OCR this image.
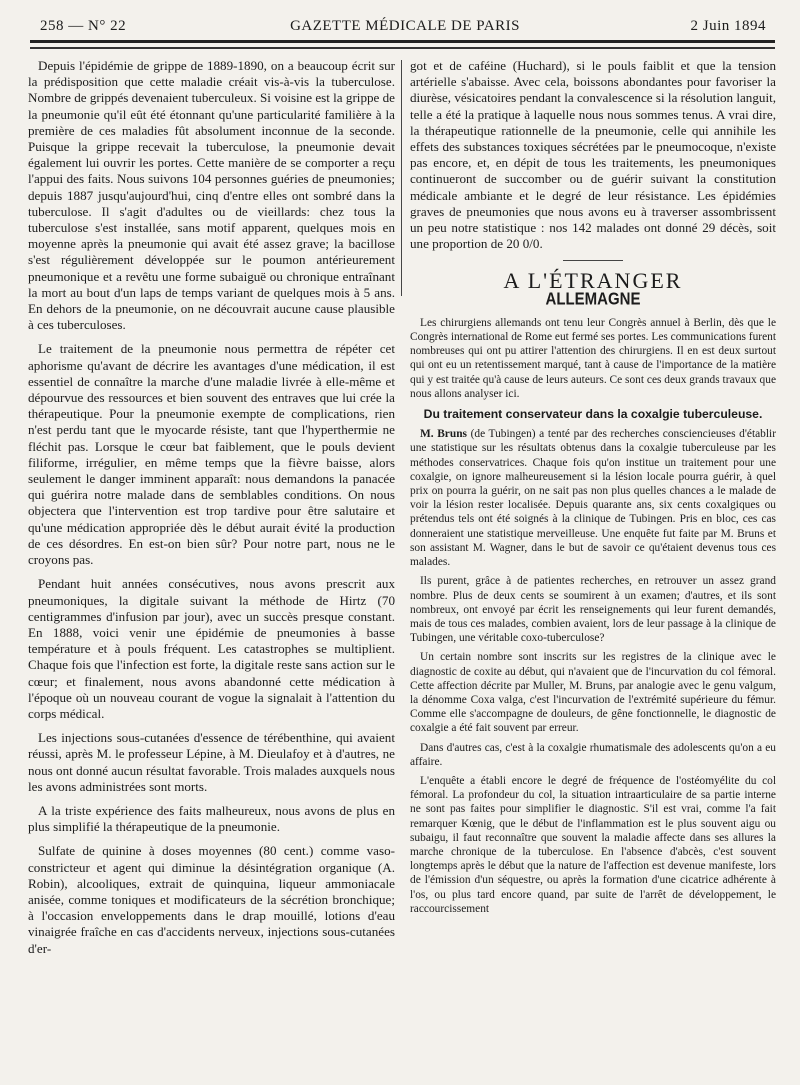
258 — N° 22	GAZETTE MÉDICALE DE PARIS	2 Juin 1894

Depuis l'épidémie de grippe de 1889-1890, on a beaucoup écrit sur la prédisposition que cette maladie créait vis-à-vis la tuberculose. Nombre de grippés devenaient tuberculeux. Si voisine est la grippe de la pneumonie qu'il eût été étonnant qu'une particularité familière à la première de ces maladies fût absolument inconnue de la seconde. Puisque la grippe recevait la tuberculose, la pneumonie devait également lui ouvrir les portes. Cette manière de se comporter a reçu l'appui des faits. Nous suivons 104 personnes guéries de pneumonies; depuis 1887 jusqu'aujourd'hui, cinq d'entre elles ont sombré dans la tuberculose. Il s'agit d'adultes ou de vieillards: chez tous la tuberculose s'est installée, sans motif apparent, quelques mois en moyenne après la pneumonie qui avait été assez grave; la bacillose s'est régulièrement développée sur le poumon antérieurement pneumonique et a revêtu une forme subaiguë ou chronique entraînant la mort au bout d'un laps de temps variant de quelques mois à 5 ans. En dehors de la pneumonie, on ne découvrait aucune cause plausible à ces tuberculoses.

Le traitement de la pneumonie nous permettra de répéter cet aphorisme qu'avant de décrire les avantages d'une médication, il est essentiel de connaître la marche d'une maladie livrée à elle-même et dépourvue des ressources et bien souvent des entraves que lui crée la thérapeutique. Pour la pneumonie exempte de complications, rien n'est perdu tant que le myocarde résiste, tant que l'hyperthermie ne fléchit pas. Lorsque le cœur bat faiblement, que le pouls devient filiforme, irrégulier, en même temps que la fièvre baisse, alors seulement le danger imminent apparaît: nous demandons la panacée qui guérira notre malade dans de semblables conditions. On nous objectera que l'intervention est trop tardive pour être salutaire et qu'une médication appropriée dès le début aurait évité la production de ces désordres. En est-on bien sûr? Pour notre part, nous ne le croyons pas.

Pendant huit années consécutives, nous avons prescrit aux pneumoniques, la digitale suivant la méthode de Hirtz (70 centigrammes d'infusion par jour), avec un succès presque constant. En 1888, voici venir une épidémie de pneumonies à basse température et à pouls fréquent. Les catastrophes se multiplient. Chaque fois que l'infection est forte, la digitale reste sans action sur le cœur; et finalement, nous avons abandonné cette médication à l'époque où un nouveau courant de vogue la signalait à l'attention du corps médical.

Les injections sous-cutanées d'essence de térébenthine, qui avaient réussi, après M. le professeur Lépine, à M. Dieulafoy et à d'autres, ne nous ont donné aucun résultat favorable. Trois malades auxquels nous les avons administrées sont morts.

A la triste expérience des faits malheureux, nous avons de plus en plus simplifié la thérapeutique de la pneumonie.

Sulfate de quinine à doses moyennes (80 cent.) comme vaso-constricteur et agent qui diminue la désintégration organique (A. Robin), alcooliques, extrait de quinquina, liqueur ammoniacale anisée, comme toniques et modificateurs de la sécrétion bronchique; à l'occasion enveloppements dans le drap mouillé, lotions d'eau vinaigrée fraîche en cas d'accidents nerveux, injections sous-cutanées d'er-

got et de caféine (Huchard), si le pouls faiblit et que la tension artérielle s'abaisse. Avec cela, boissons abondantes pour favoriser la diurèse, vésicatoires pendant la convalescence si la résolution languit, telle a été la pratique à laquelle nous nous sommes tenus. A vrai dire, la thérapeutique rationnelle de la pneumonie, celle qui annihile les effets des substances toxiques sécrétées par le pneumocoque, n'existe pas encore, et, en dépit de tous les traitements, les pneumoniques continueront de succomber ou de guérir suivant la constitution médicale ambiante et le degré de leur résistance. Les épidémies graves de pneumonies que nous avons eu à traverser assombrissent un peu notre statistique : nos 142 malades ont donné 29 décès, soit une proportion de 20 0/0.

A L'ÉTRANGER
ALLEMAGNE

Les chirurgiens allemands ont tenu leur Congrès annuel à Berlin, dès que le Congrès international de Rome eut fermé ses portes. Les communications furent nombreuses qui ont pu attirer l'attention des chirurgiens. Il en est deux surtout qui ont eu un retentissement marqué, tant à cause de l'importance de la matière qui y est traitée qu'à cause de leurs auteurs. Ce sont ces deux grands travaux que nous allons analyser ici.

Du traitement conservateur dans la coxalgie tuberculeuse.

M. Bruns (de Tubingen) a tenté par des recherches consciencieuses d'établir une statistique sur les résultats obtenus dans la coxalgie tuberculeuse par les méthodes conservatrices. Chaque fois qu'on institue un traitement pour une coxalgie, on ignore malheureusement si la lésion locale pourra guérir, à quel prix on pourra la guérir, on ne sait pas non plus quelles chances a le malade de voir la lésion rester localisée. Depuis quarante ans, six cents coxalgiques ou prétendus tels ont été soignés à la clinique de Tubingen. Pris en bloc, ces cas donneraient une statistique merveilleuse. Une enquête fut faite par M. Bruns et son assistant M. Wagner, dans le but de savoir ce qu'étaient devenus tous ces malades.

Ils purent, grâce à de patientes recherches, en retrouver un assez grand nombre. Plus de deux cents se soumirent à un examen; d'autres, et ils sont nombreux, ont envoyé par écrit les renseignements qui leur furent demandés, mais de tous ces malades, combien avaient, lors de leur passage à la clinique de Tubingen, une véritable coxo-tuberculose?

Un certain nombre sont inscrits sur les registres de la clinique avec le diagnostic de coxite au début, qui n'avaient que de l'incurvation du col fémoral. Cette affection décrite par Muller, M. Bruns, par analogie avec le genu valgum, la dénomme Coxa valga, c'est l'incurvation de l'extrémité supérieure du fémur. Comme elle s'accompagne de douleurs, de gêne fonctionnelle, le diagnostic de coxalgie a été fait souvent par erreur.

Dans d'autres cas, c'est à la coxalgie rhumatismale des adolescents qu'on a eu affaire.

L'enquête a établi encore le degré de fréquence de l'ostéomyélite du col fémoral. La profondeur du col, la situation intraarticulaire de sa partie interne ne sont pas faites pour simplifier le diagnostic. S'il est vrai, comme l'a fait remarquer Kœnig, que le début de l'inflammation est le plus souvent aigu ou subaigu, il faut reconnaître que souvent la maladie affecte dans ses allures la marche chronique de la tuberculose. En l'absence d'abcès, c'est souvent longtemps après le début que la nature de l'affection est devenue manifeste, lors de l'émission d'un séquestre, ou après la formation d'une cicatrice adhérente à l'os, ou plus tard encore quand, par suite de l'arrêt de développement, le raccourcissement
